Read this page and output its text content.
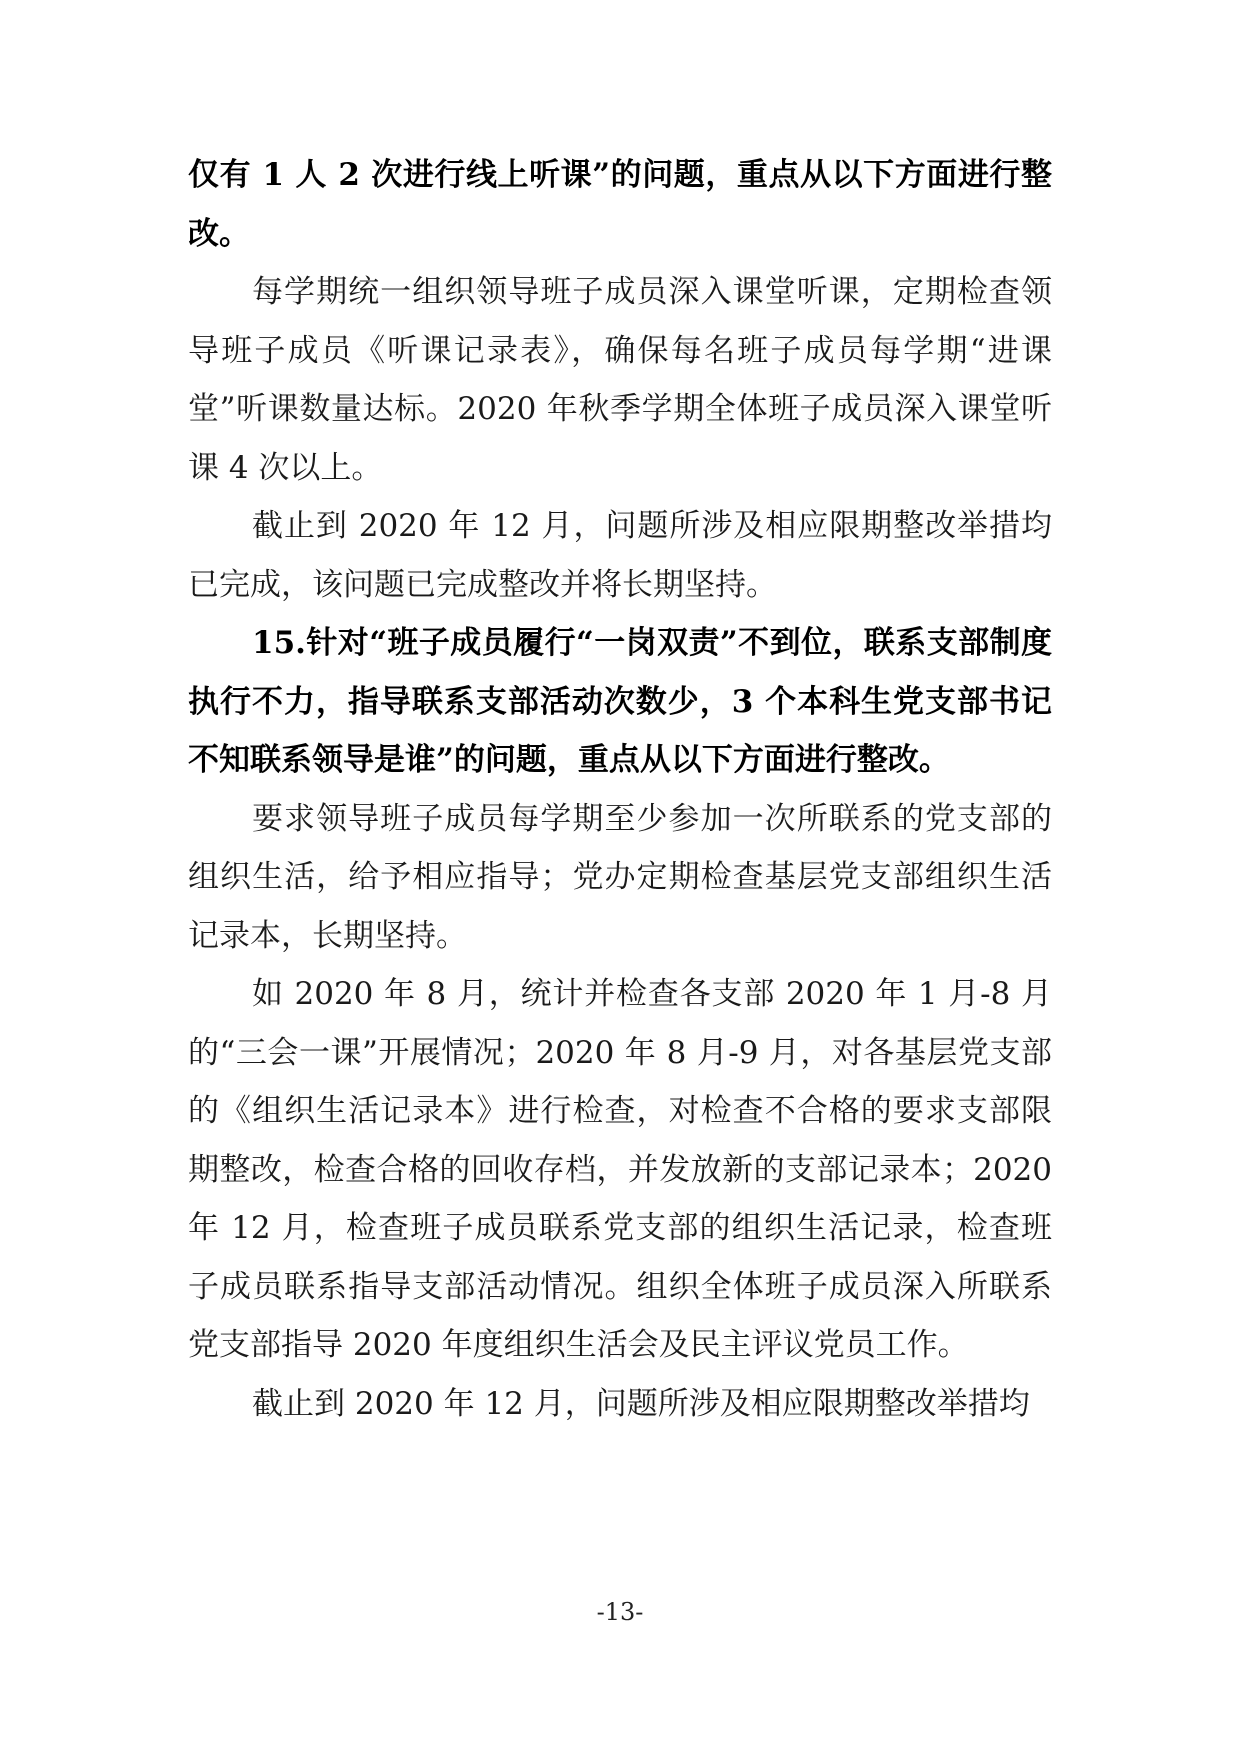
仅有 1 人 2 次进行线上听课”的问题，重点从以下方面进行整改。

每学期统一组织领导班子成员深入课堂听课，定期检查领导班子成员《听课记录表》，确保每名班子成员每学期“进课堂”听课数量达标。2020 年秋季学期全体班子成员深入课堂听课 4 次以上。

截止到 2020 年 12 月，问题所涉及相应限期整改举措均已完成，该问题已完成整改并将长期坚持。

15.针对“班子成员履行“一岗双责”不到位，联系支部制度执行不力，指导联系支部活动次数少，3 个本科生党支部书记不知联系领导是谁”的问题，重点从以下方面进行整改。

要求领导班子成员每学期至少参加一次所联系的党支部的组织生活，给予相应指导；党办定期检查基层党支部组织生活记录本，长期坚持。

如 2020 年 8 月，统计并检查各支部 2020 年 1 月-8 月的“三会一课”开展情况；2020 年 8 月-9 月，对各基层党支部的《组织生活记录本》进行检查，对检查不合格的要求支部限期整改，检查合格的回收存档，并发放新的支部记录本；2020 年 12 月，检查班子成员联系党支部的组织生活记录，检查班子成员联系指导支部活动情况。组织全体班子成员深入所联系党支部指导 2020 年度组织生活会及民主评议党员工作。

截止到 2020 年 12 月，问题所涉及相应限期整改举措均

-13-
